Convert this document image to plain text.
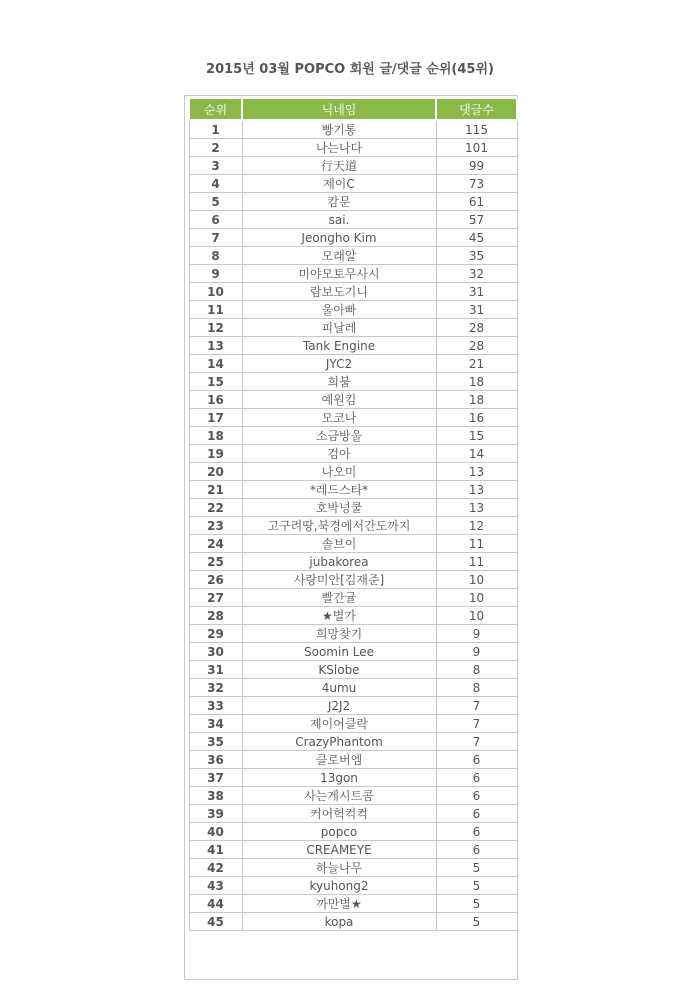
2015년 03월 POPCO 회원 글/댓글 순위(45위)
순위	닉네임	댓글수
1	빵기통	115
2	나는나다	101
3	行天道	99
4	제이C	73
5	캄문	61
6	sai.	57
7	Jeongho Kim	45
8	모래알	35
9	미야모토무사시	32
10	람보도기니	31
11	울아빠	31
12	피날레	28
13	Tank Engine	28
14	JYC2	21
15	희붐	18
16	예원킴	18
17	모코나	16
18	소금방울	15
19	검아	14
20	나오미	13
21	*레드스타*	13
22	호박넝쿨	13
23	고구려땅,북경에서간도까지	12
24	솔브이	11
25	jubakorea	11
26	사랑미안[김재준]	10
27	빨간귤	10
28	★별가	10
29	희망찾기	9
30	Soomin Lee	9
31	KSlobe	8
32	4umu	8
33	J2J2	7
34	제이어클락	7
35	CrazyPhantom	7
36	클로버엠	6
37	13gon	6
38	사는게시트콤	6
39	커어헉컥컥	6
40	popco	6
41	CREAMEYE	6
42	하늘나무	5
43	kyuhong2	5
44	까만별★	5
45	kopa	5
